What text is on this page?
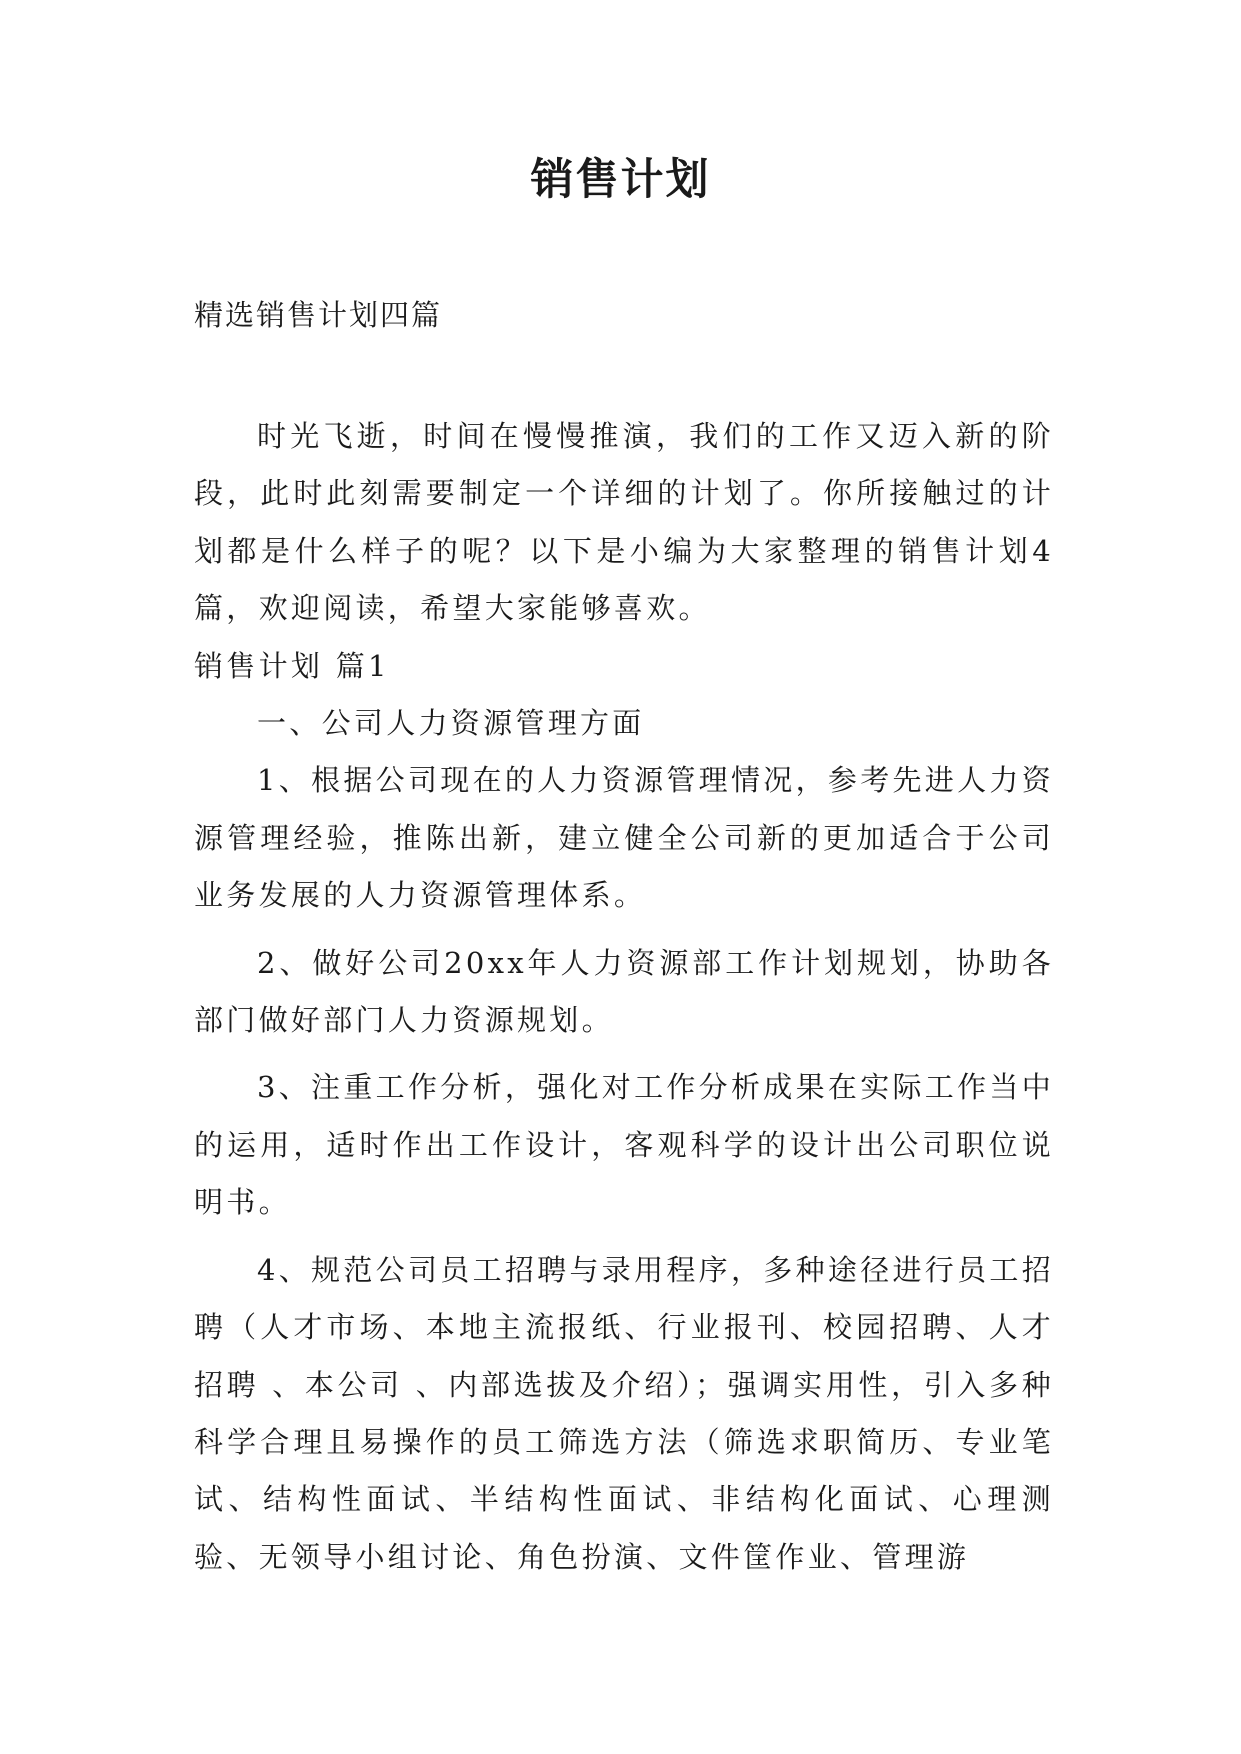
销售计划

精选销售计划四篇

时光飞逝，时间在慢慢推演，我们的工作又迈入新的阶段，此时此刻需要制定一个详细的计划了。你所接触过的计划都是什么样子的呢？以下是小编为大家整理的销售计划4篇，欢迎阅读，希望大家能够喜欢。

销售计划 篇1

一、公司人力资源管理方面

1、根据公司现在的人力资源管理情况，参考先进人力资源管理经验，推陈出新，建立健全公司新的更加适合于公司业务发展的人力资源管理体系。

2、做好公司20xx年人力资源部工作计划规划，协助各部门做好部门人力资源规划。

3、注重工作分析，强化对工作分析成果在实际工作当中的运用，适时作出工作设计，客观科学的设计出公司职位说明书。

4、规范公司员工招聘与录用程序，多种途径进行员工招聘（人才市场、本地主流报纸、行业报刊、校园招聘、人才招聘 、本公司 、内部选拔及介绍）；强调实用性，引入多种科学合理且易操作的员工筛选方法（筛选求职简历、专业笔试、结构性面试、半结构性面试、非结构化面试、心理测验、无领导小组讨论、角色扮演、文件筐作业、管理游
